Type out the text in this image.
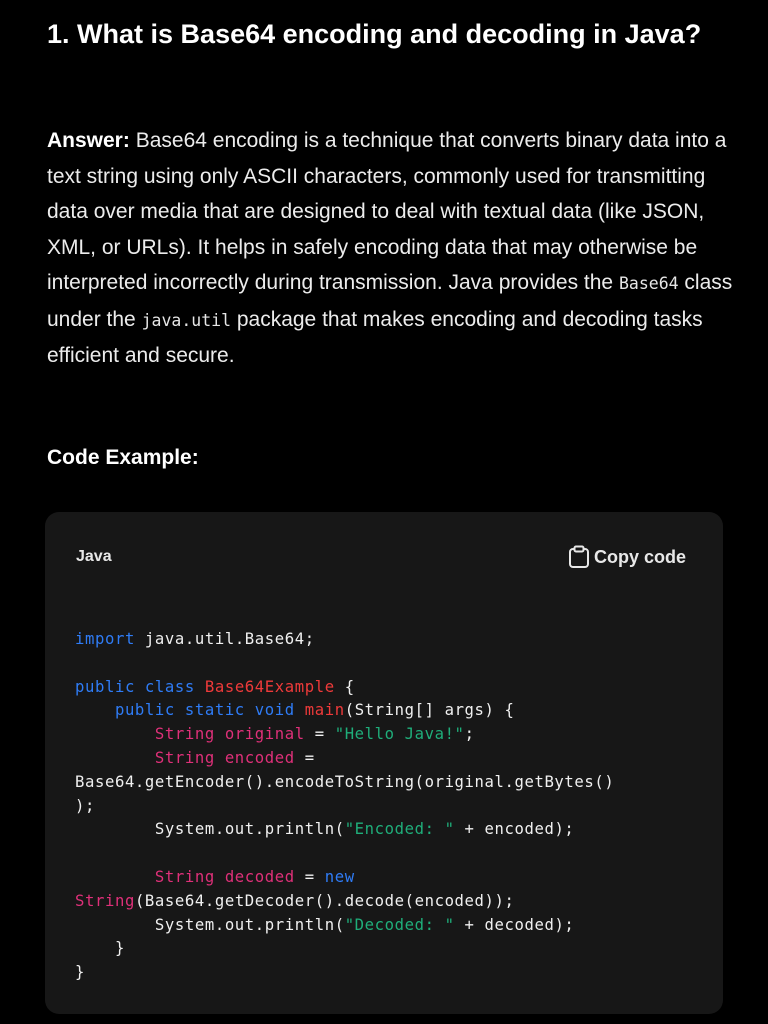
1. What is Base64 encoding and decoding in Java?
Answer: Base64 encoding is a technique that converts binary data into a text string using only ASCII characters, commonly used for transmitting data over media that are designed to deal with textual data (like JSON, XML, or URLs). It helps in safely encoding data that may otherwise be interpreted incorrectly during transmission. Java provides the Base64 class under the java.util package that makes encoding and decoding tasks efficient and secure.
Code Example:
Java	Copy code
import java.util.Base64;
public class Base64Example {
public static void main(String[] args) {
String original = "Hello Java!";
String encoded =
Base64.getEncoder().encodeToString(original.getBytes()
);
System.out.println("Encoded: " + encoded);
String decoded = new
String(Base64.getDecoder().decode(encoded));
System.out.println("Decoded: " + decoded);
}
}
